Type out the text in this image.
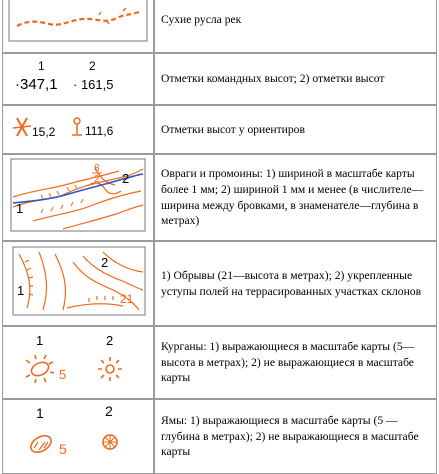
	Сухие русла рек

1 2
·347,1 · 161,5	Отметки командных высот; 2) отметки высот

15,2 111,6	Отметки высот у ориентиров

1
2
8
2	Овраги и промоины: 1) шириной в масштабе карты более 1 мм; 2) шириной 1 мм и менее (в числителе— ширина между бровками, в знаменателе—глубина в метрах)

1
2
21	1) Обрывы (21—высота в метрах); 2) укрепленные уступы полей на террасированных участках склонов

1 2
5	Курганы: 1) выражающиеся в масштабе карты (5— высота в метрах); 2) не выражающиеся в масштабе карты

1 2
5	Ямы: 1) выражающиеся в масштабе карты (5 —глубина в метрах); 2) не выражающиеся в масштабе карты
